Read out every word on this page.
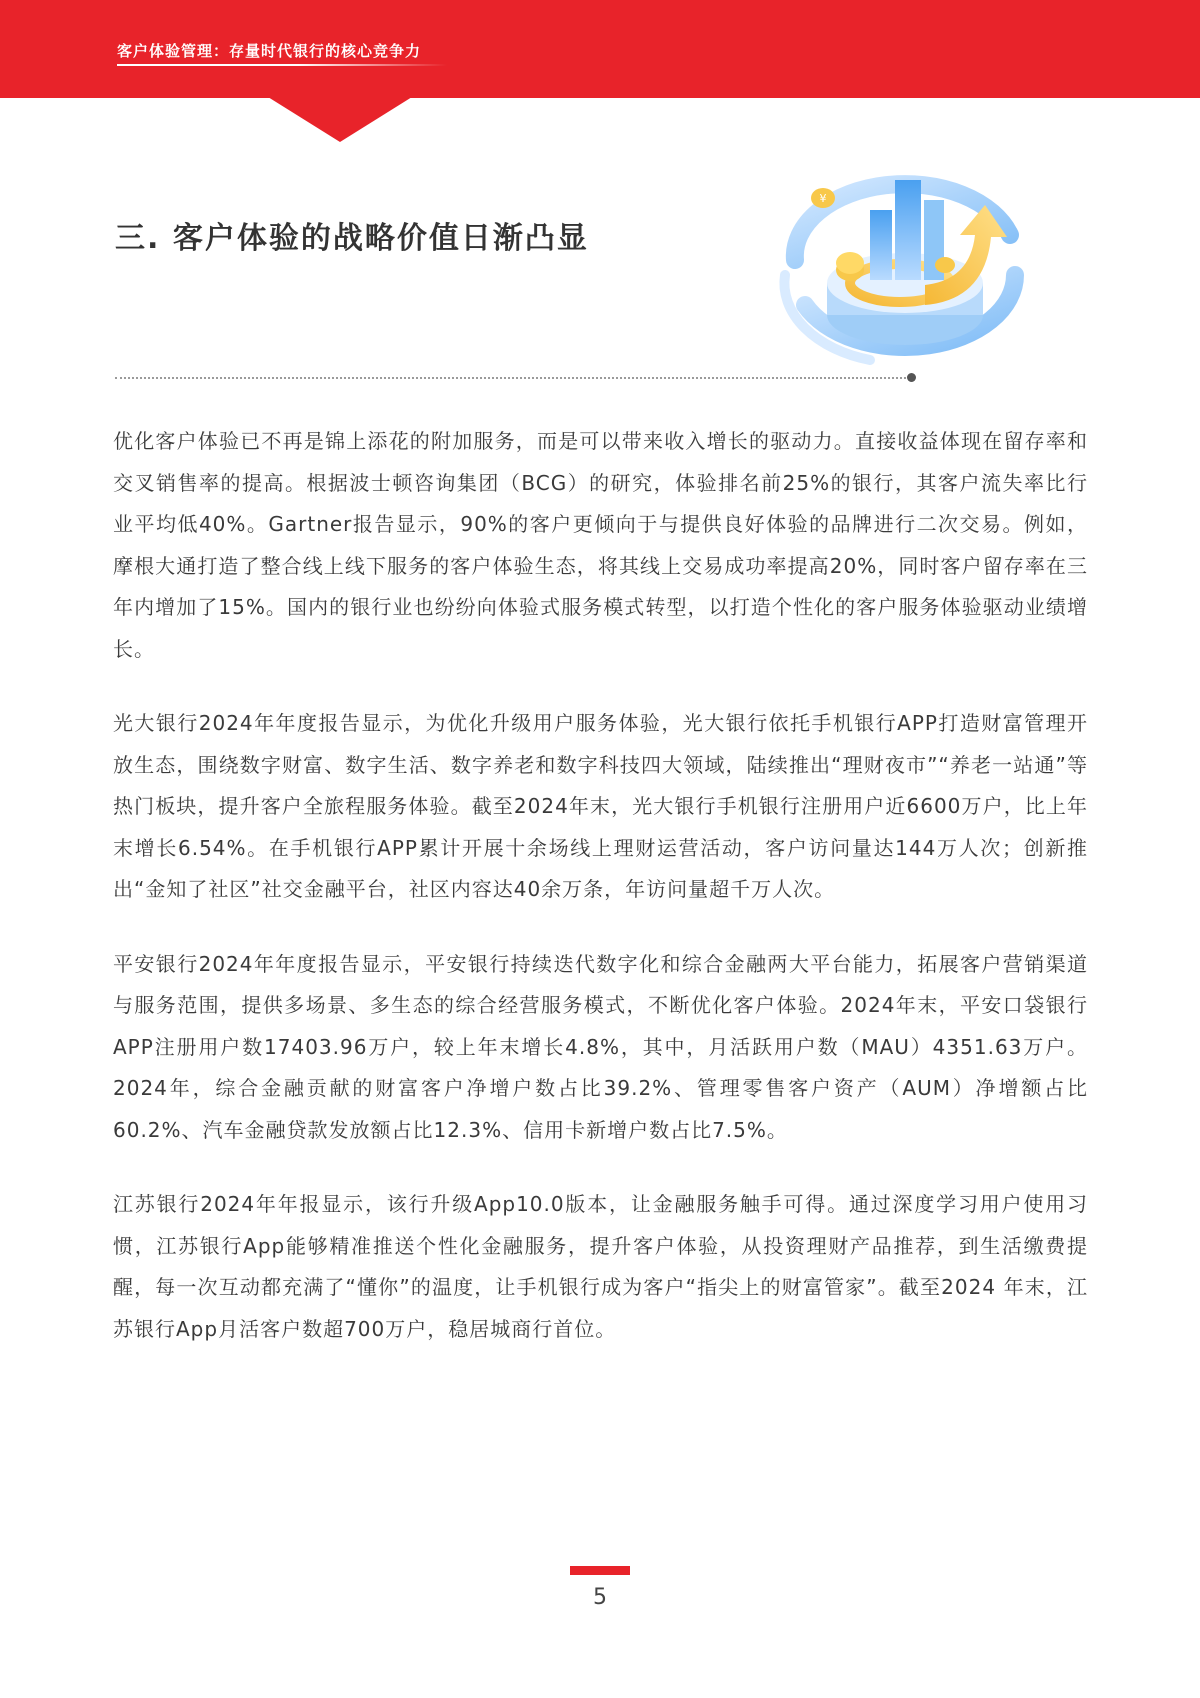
客户体验管理：存量时代银行的核心竞争力
三. 客户体验的战略价值日渐凸显
¥

优化客户体验已不再是锦上添花的附加服务，而是可以带来收入增长的驱动力。直接收益体现在留存率和交叉销售率的提高。根据波士顿咨询集团（BCG）的研究，体验排名前25%的银行，其客户流失率比行业平均低40%。Gartner报告显示，90%的客户更倾向于与提供良好体验的品牌进行二次交易。例如，摩根大通打造了整合线上线下服务的客户体验生态，将其线上交易成功率提高20%，同时客户留存率在三年内增加了15%。国内的银行业也纷纷向体验式服务模式转型，以打造个性化的客户服务体验驱动业绩增长。

光大银行2024年年度报告显示，为优化升级用户服务体验，光大银行依托手机银行APP打造财富管理开放生态，围绕数字财富、数字生活、数字养老和数字科技四大领域，陆续推出“理财夜市”“养老一站通”等热门板块，提升客户全旅程服务体验。截至2024年末，光大银行手机银行注册用户近6600万户，比上年末增长6.54%。在手机银行APP累计开展十余场线上理财运营活动，客户访问量达144万人次；创新推出“金知了社区”社交金融平台，社区内容达40余万条，年访问量超千万人次。

平安银行2024年年度报告显示，平安银行持续迭代数字化和综合金融两大平台能力，拓展客户营销渠道与服务范围，提供多场景、多生态的综合经营服务模式，不断优化客户体验。2024年末，平安口袋银行APP注册用户数17403.96万户，较上年末增长4.8%，其中，月活跃用户数（MAU）4351.63万户。2024年，综合金融贡献的财富客户净增户数占比39.2%、管理零售客户资产（AUM）净增额占比60.2%、汽车金融贷款发放额占比12.3%、信用卡新增户数占比7.5%。

江苏银行2024年年报显示，该行升级App10.0版本，让金融服务触手可得。通过深度学习用户使用习惯，江苏银行App能够精准推送个性化金融服务，提升客户体验，从投资理财产品推荐，到生活缴费提醒，每一次互动都充满了“懂你”的温度，让手机银行成为客户“指尖上的财富管家”。截至2024 年末，江苏银行App月活客户数超700万户，稳居城商行首位。

5
